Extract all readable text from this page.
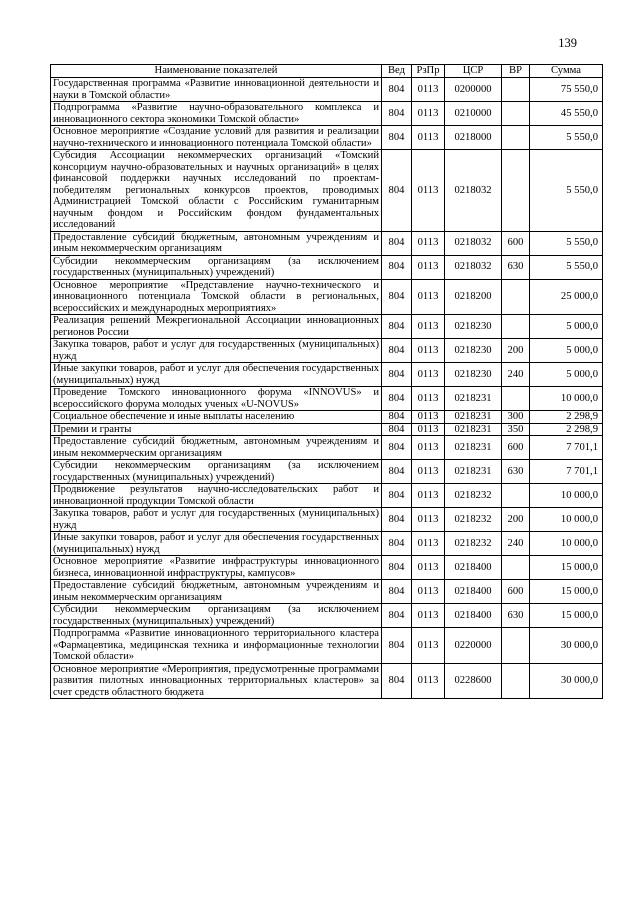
139
Наименование показателей	Вед	РзПр	ЦСР	ВР	Сумма
Государственная программа «Развитие инновационной деятельности и науки в Томской области»	804	0113	0200000		75 550,0
Подпрограмма «Развитие научно-образовательного комплекса и инновационного сектора экономики Томской области»	804	0113	0210000		45 550,0
Основное мероприятие «Создание условий для развития и реализации научно-технического и инновационного потенциала Томской области»	804	0113	0218000		5 550,0
Субсидия Ассоциации некоммерческих организаций «Томский консорциум научно-образовательных и научных организаций» в целях финансовой поддержки научных исследований по проектам-победителям региональных конкурсов проектов, проводимых Администрацией Томской области с Российским гуманитарным научным фондом и Российским фондом фундаментальных исследований	804	0113	0218032		5 550,0
Предоставление субсидий бюджетным, автономным учреждениям и иным некоммерческим организациям	804	0113	0218032	600	5 550,0
Субсидии некоммерческим организациям (за исключением государственных (муниципальных) учреждений)	804	0113	0218032	630	5 550,0
Основное мероприятие «Представление научно-технического и инновационного потенциала Томской области в региональных, всероссийских и международных мероприятиях»	804	0113	0218200		25 000,0
Реализация решений Межрегиональной Ассоциации инновационных регионов России	804	0113	0218230		5 000,0
Закупка товаров, работ и услуг для государственных (муниципальных) нужд	804	0113	0218230	200	5 000,0
Иные закупки товаров, работ и услуг для обеспечения государственных (муниципальных) нужд	804	0113	0218230	240	5 000,0
Проведение Томского инновационного форума «INNOVUS» и всероссийского форума молодых ученых «U-NOVUS»	804	0113	0218231		10 000,0
Социальное обеспечение и иные выплаты населению	804	0113	0218231	300	2 298,9
Премии и гранты	804	0113	0218231	350	2 298,9
Предоставление субсидий бюджетным, автономным учреждениям и иным некоммерческим организациям	804	0113	0218231	600	7 701,1
Субсидии некоммерческим организациям (за исключением государственных (муниципальных) учреждений)	804	0113	0218231	630	7 701,1
Продвижение результатов научно-исследовательских работ и инновационной продукции Томской области	804	0113	0218232		10 000,0
Закупка товаров, работ и услуг для государственных (муниципальных) нужд	804	0113	0218232	200	10 000,0
Иные закупки товаров, работ и услуг для обеспечения государственных (муниципальных) нужд	804	0113	0218232	240	10 000,0
Основное мероприятие «Развитие инфраструктуры инновационного бизнеса, инновационной инфраструктуры, кампусов»	804	0113	0218400		15 000,0
Предоставление субсидий бюджетным, автономным учреждениям и иным некоммерческим организациям	804	0113	0218400	600	15 000,0
Субсидии некоммерческим организациям (за исключением государственных (муниципальных) учреждений)	804	0113	0218400	630	15 000,0
Подпрограмма «Развитие инновационного территориального кластера «Фармацевтика, медицинская техника и информационные технологии Томской области»	804	0113	0220000		30 000,0
Основное мероприятие «Мероприятия, предусмотренные программами развития пилотных инновационных территориальных кластеров» за счет средств областного бюджета	804	0113	0228600		30 000,0
